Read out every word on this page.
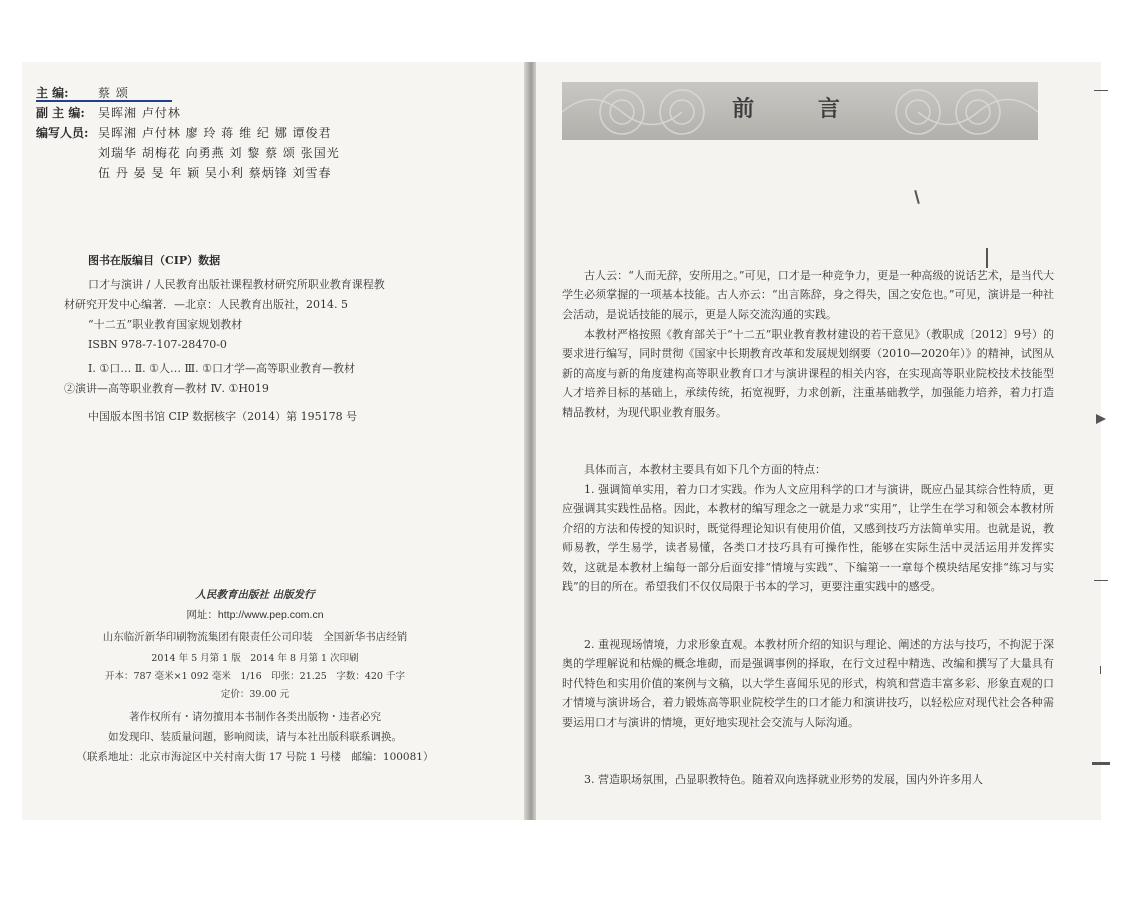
主 编: 蔡 颂
副 主 编: 吴晖湘 卢付林
编写人员: 吴晖湘 卢付林 廖 玲 蒋 维 纪 娜 谭俊君
刘瑞华 胡梅花 向勇燕 刘 黎 蔡 颂 张国光
伍 丹 晏 旻 年 颖 吴小利 蔡炳锋 刘雪春
图书在版编目（CIP）数据
口才与演讲 / 人民教育出版社课程教材研究所职业教育课程教
材研究开发中心编著．—北京：人民教育出版社，2014. 5
“十二五”职业教育国家规划教材
ISBN 978-7-107-28470-0
Ⅰ. ①口… Ⅱ. ①人… Ⅲ. ①口才学—高等职业教育—教材
②演讲—高等职业教育—教材 Ⅳ. ①H019
中国版本图书馆 CIP 数据核字（2014）第 195178 号
人民教育出版社 出版发行
网址：http://www.pep.com.cn
山东临沂新华印刷物流集团有限责任公司印装　全国新华书店经销
2014 年 5 月第 1 版　2014 年 8 月第 1 次印刷
开本：787 毫米×1 092 毫米　1/16　印张：21.25　字数：420 千字
定价：39.00 元
著作权所有・请勿擅用本书制作各类出版物・违者必究
如发现印、装质量问题，影响阅读，请与本社出版科联系调换。
（联系地址：北京市海淀区中关村南大街 17 号院 1 号楼　邮编：100081）
前 言
古人云：“人而无辞，安所用之。”可见，口才是一种竞争力，更是一种高级的说话艺术，是当代大学生必须掌握的一项基本技能。古人亦云：“出言陈辞，身之得失，国之安危也。”可见，演讲是一种社会活动，是说话技能的展示，更是人际交流沟通的实践。
本教材严格按照《教育部关于“十二五”职业教育教材建设的若干意见》（教职成〔2012〕9号）的要求进行编写，同时贯彻《国家中长期教育改革和发展规划纲要（2010—2020年）》的精神，试图从新的高度与新的角度建构高等职业教育口才与演讲课程的相关内容，在实现高等职业院校技术技能型人才培养目标的基础上，承续传统，拓宽视野，力求创新，注重基础教学，加强能力培养，着力打造精品教材，为现代职业教育服务。
具体而言，本教材主要具有如下几个方面的特点：
1. 强调简单实用，着力口才实践。作为人文应用科学的口才与演讲，既应凸显其综合性特质，更应强调其实践性品格。因此，本教材的编写理念之一就是力求“实用”，让学生在学习和领会本教材所介绍的方法和传授的知识时，既觉得理论知识有使用价值，又感到技巧方法简单实用。也就是说，教师易教，学生易学，读者易懂，各类口才技巧具有可操作性，能够在实际生活中灵活运用并发挥实效，这就是本教材上编每一部分后面安排“情境与实践”、下编第一一章每个模块结尾安排“练习与实践”的目的所在。希望我们不仅仅局限于书本的学习，更要注重实践中的感受。
2. 重视现场情境，力求形象直观。本教材所介绍的知识与理论、阐述的方法与技巧，不拘泥于深奥的学理解说和枯燥的概念堆砌，而是强调事例的择取，在行文过程中精选、改编和撰写了大量具有时代特色和实用价值的案例与文稿，以大学生喜闻乐见的形式，构筑和营造丰富多彩、形象直观的口才情境与演讲场合，着力锻炼高等职业院校学生的口才能力和演讲技巧，以轻松应对现代社会各种需要运用口才与演讲的情境，更好地实现社会交流与人际沟通。
3. 营造职场氛围，凸显职教特色。随着双向选择就业形势的发展，国内外许多用人
